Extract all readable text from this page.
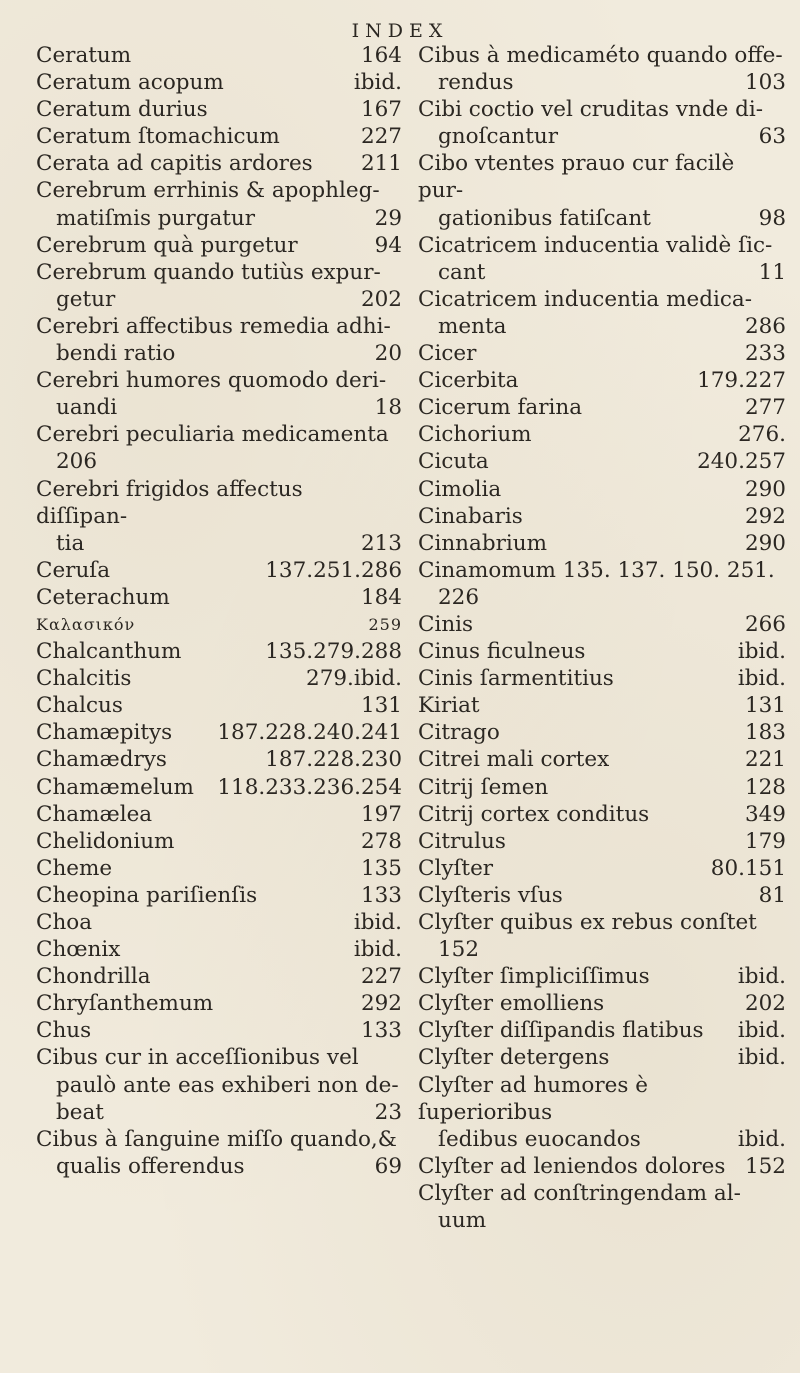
INDEX
Ceratum	164
Ceratum acopum	ibid.
Ceratum durius	167
Ceratum ſtomachicum	227
Cerata ad capitis ardores	211
Cerebrum errhinis & apophleg-
matiſmis purgatur	29
Cerebrum quà purgetur	94
Cerebrum quando tutiùs expur-
getur	202
Cerebri affectibus remedia adhi-
bendi ratio	20
Cerebri humores quomodo deri-
uandi	18
Cerebri peculiaria medicamenta
206
Cerebri frigidos affectus diſſipan-
tia	213
Ceruſa	137.251.286
Ceterachum	184
Καλασικόν	259
Chalcanthum	135.279.288
Chalcitis	279.ibid.
Chalcus	131
Chamæpitys	187.228.240.241
Chamædrys	187.228.230
Chamæmelum	118.233.236.254
Chamælea	197
Chelidonium	278
Cheme	135
Cheopina pariſienſis	133
Choa	ibid.
Chœnix	ibid.
Chondrilla	227
Chryſanthemum	292
Chus	133
Cibus cur in acceſſionibus vel
paulò ante eas exhiberi non de-
beat	23
Cibus à ſanguine miſſo quando,&
qualis offerendus	69
Cibus à medicaméto quando offe-
rendus	103
Cibi coctio vel cruditas vnde di-
gnoſcantur	63
Cibo vtentes prauo cur facilè pur-
gationibus fatiſcant	98
Cicatricem inducentia validè ſic-
cant	11
Cicatricem inducentia medica-
menta	286
Cicer	233
Cicerbita	179.227
Cicerum farina	277
Cichorium	276.
Cicuta	240.257
Cimolia	290
Cinabaris	292
Cinnabrium	290
Cinamomum 135. 137. 150. 251.
226
Cinis	266
Cinus ficulneus	ibid.
Cinis ſarmentitius	ibid.
Kiriat	131
Citrago	183
Citrei mali cortex	221
Citrij ſemen	128
Citrij cortex conditus	349
Citrulus	179
Clyſter	80.151
Clyſteris vſus	81
Clyſter quibus ex rebus conſtet
152
Clyſter ſimpliciſſimus	ibid.
Clyſter emolliens	202
Clyſter diſſipandis flatibus	ibid.
Clyſter detergens	ibid.
Clyſter ad humores è ſuperioribus
ſedibus euocandos	ibid.
Clyſter ad leniendos dolores 152
Clyſter ad conſtringendam al-
uum
